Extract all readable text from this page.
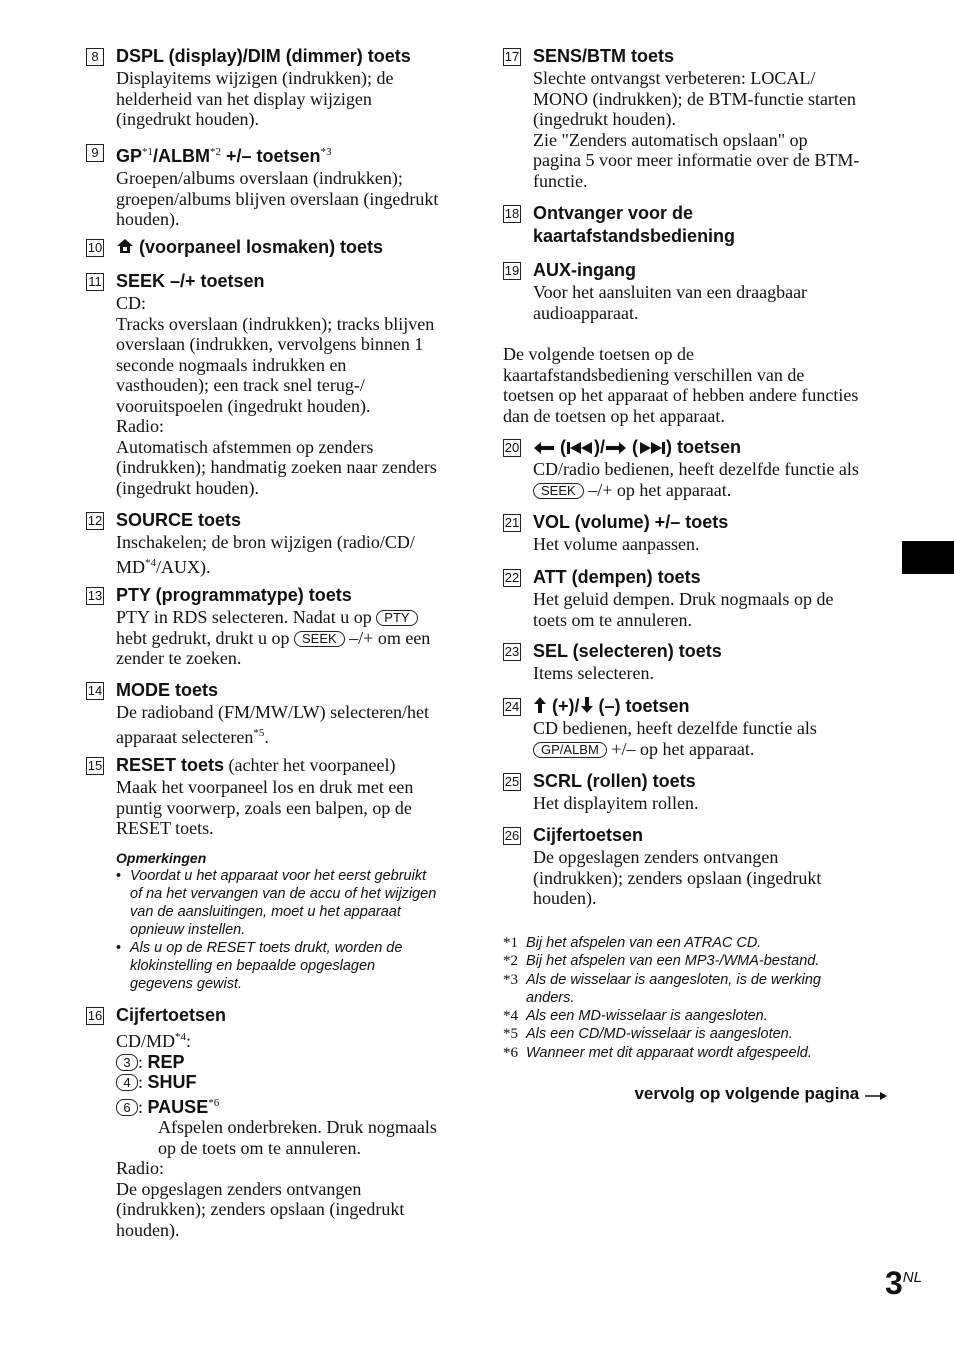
8 DSPL (display)/DIM (dimmer) toets
Displayitems wijzigen (indrukken); de
helderheid van het display wijzigen
(ingedrukt houden).
9 $GP^{*1}/ALBM^{*2}$ +/– toetsen$^{*3}$
Groepen/albums overslaan (indrukken);
groepen/albums blijven overslaan (ingedrukt
houden).
10	(voorpaneel losmaken) toets
11 SEEK –/+ toetsen
CD:
Tracks overslaan (indrukken); tracks blijven
overslaan (indrukken, vervolgens binnen 1
seconde nogmaals indrukken en
vasthouden); een track snel terug-/
vooruitspoelen (ingedrukt houden).
Radio:
Automatisch afstemmen op zenders
(indrukken); handmatig zoeken naar zenders
(ingedrukt houden).
12 SOURCE toets
Inschakelen; de bron wijzigen (radio/CD/
MD$^{*4}$/AUX).
13 PTY (programmatype) toets
PTY in RDS selecteren. Nadat u op PTY
hebt gedrukt, drukt u op SEEK –/+ om een
zender te zoeken.
14 MODE toets
De radioband (FM/MW/LW) selecteren/het
apparaat selecteren$^{*5}$.
15 RESET toets (achter het voorpaneel)
Maak het voorpaneel los en druk met een
puntig voorwerp, zoals een balpen, op de
RESET toets.
Opmerkingen
• Voordat u het apparaat voor het eerst gebruikt
of na het vervangen van de accu of het wijzigen
van de aansluitingen, moet u het apparaat
opnieuw instellen.
• Als u op de RESET toets drukt, worden de
klokinstelling en bepaalde opgeslagen
gegevens gewist.
16 Cijfertoetsen
CD/MD$^{*4}$:
3 : REP
4 : SHUF
6 : PAUSE$^{*6}$
Afspelen onderbreken. Druk nogmaals
op de toets om te annuleren.
Radio:
De opgeslagen zenders ontvangen
(indrukken); zenders opslaan (ingedrukt
houden).
17 SENS/BTM toets
Slechte ontvangst verbeteren: LOCAL/
MONO (indrukken); de BTM-functie starten
(ingedrukt houden).
Zie "Zenders automatisch opslaan" op
pagina 5 voor meer informatie over de BTM-
functie.
18 Ontvanger voor de
kaartafstandsbediening
19 AUX-ingang
Voor het aansluiten van een draagbaar
audioapparaat.
De volgende toetsen op de
kaartafstandsbediening verschillen van de
toetsen op het apparaat of hebben andere functies
dan de toetsen op het apparaat.
20	( )/ ( ) toetsen
CD/radio bedienen, heeft dezelfde functie als
SEEK –/+ op het apparaat.
21 VOL (volume) +/– toets
Het volume aanpassen.
22 ATT (dempen) toets
Het geluid dempen. Druk nogmaals op de
toets om te annuleren.
23 SEL (selecteren) toets
Items selecteren.
24	(+)/ (–) toetsen
CD bedienen, heeft dezelfde functie als
GP/ALBM +/– op het apparaat.
25 SCRL (rollen) toets
Het displayitem rollen.
26 Cijfertoetsen
De opgeslagen zenders ontvangen
(indrukken); zenders opslaan (ingedrukt
houden).
*1 Bij het afspelen van een ATRAC CD.
*2 Bij het afspelen van een MP3-/WMA-bestand.
*3 Als de wisselaar is aangesloten, is de werking
anders.
*4 Als een MD-wisselaar is aangesloten.
*5 Als een CD/MD-wisselaar is aangesloten.
*6 Wanneer met dit apparaat wordt afgespeeld.
vervolg op volgende pagina
3NL
